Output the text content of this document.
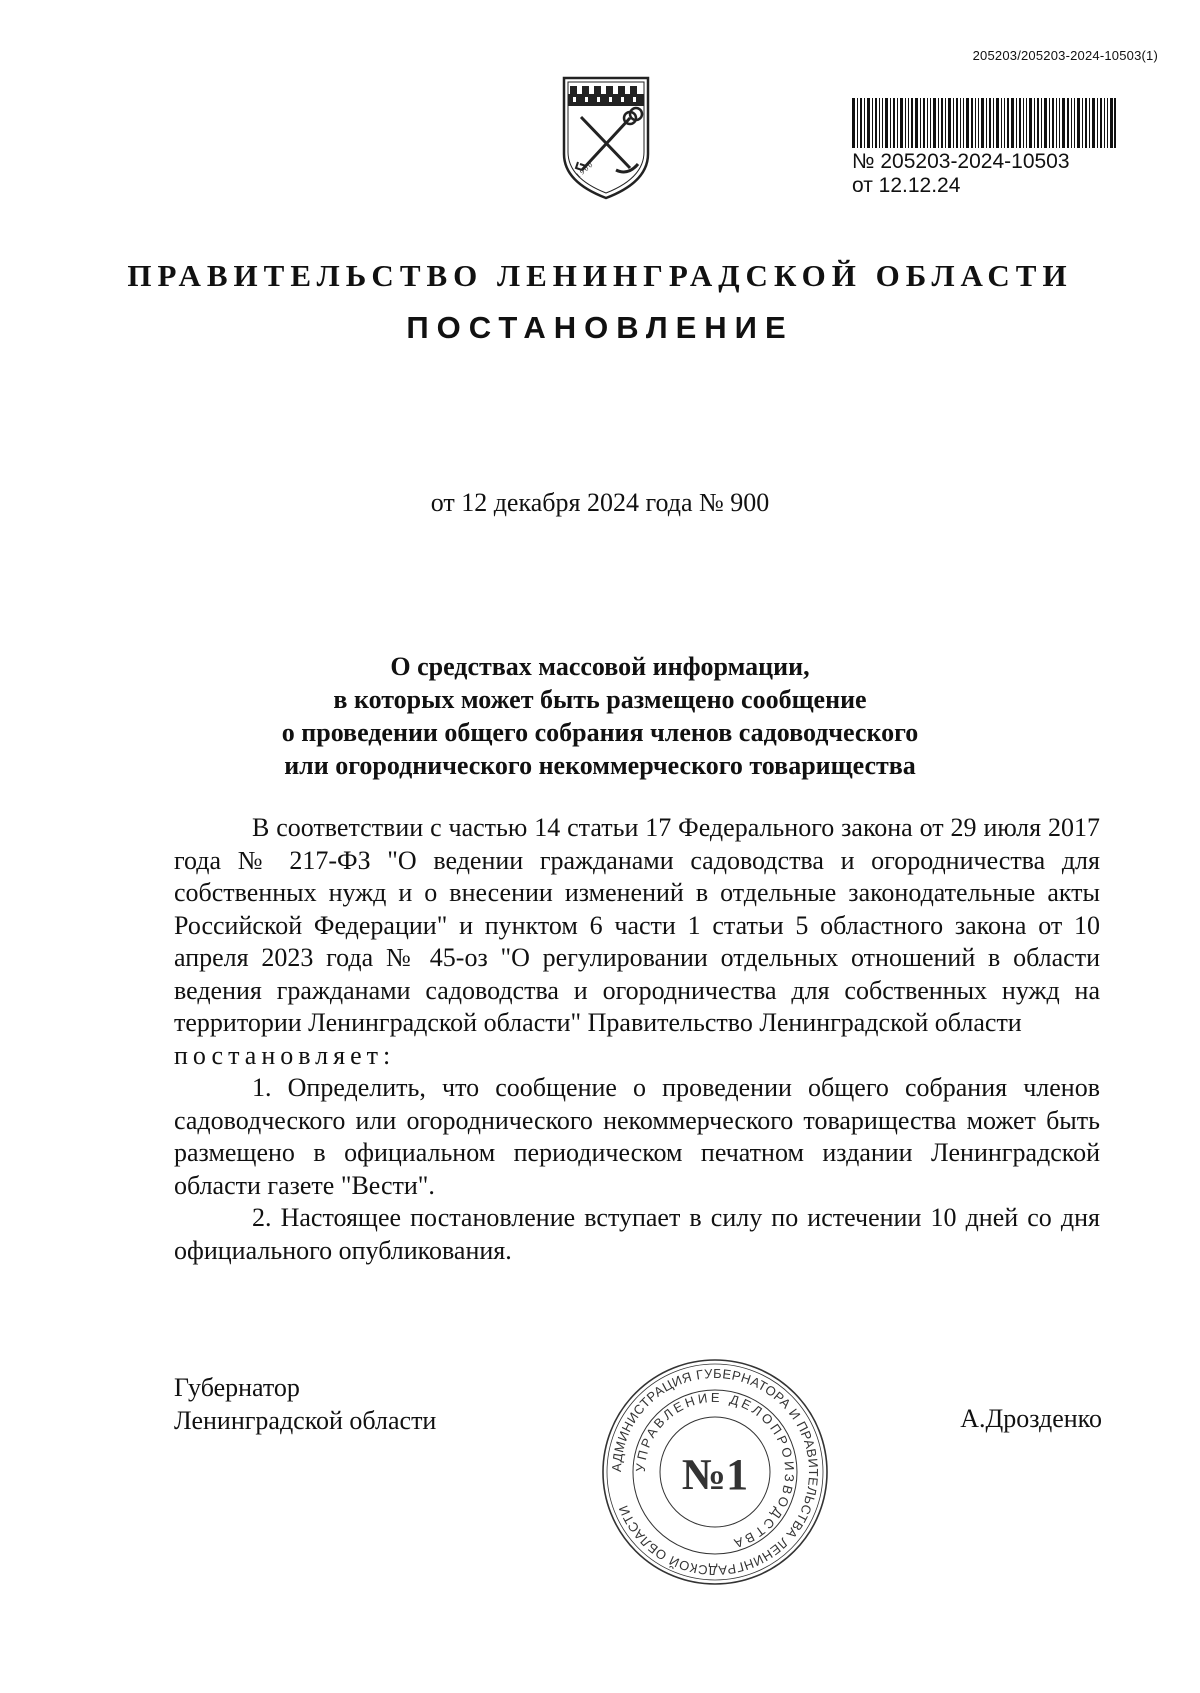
205203/205203-2024-10503(1)
1 9 0 0	№ 205203-2024-10503
от 12.12.24
ПРАВИТЕЛЬСТВО ЛЕНИНГРАДСКОЙ ОБЛАСТИ
ПОСТАНОВЛЕНИЕ
от 12 декабря 2024 года № 900
О средствах массовой информации,
в которых может быть размещено сообщение
о проведении общего собрания членов садоводческого
или огороднического некоммерческого товарищества

В соответствии с частью 14 статьи 17 Федерального закона от 29 июля 2017 года № 217-ФЗ "О ведении гражданами садоводства и огородничества для собственных нужд и о внесении изменений в отдельные законодательные акты Российской Федерации" и пунктом 6 части 1 статьи 5 областного закона от 10 апреля 2023 года № 45-оз "О регулировании отдельных отношений в области ведения гражданами садоводства и огородничества для собственных нужд на территории Ленинградской области" Правительство Ленинградской области

постановляет:

1. Определить, что сообщение о проведении общего собрания членов садоводческого или огороднического некоммерческого товарищества может быть размещено в официальном периодическом печатном издании Ленинградской области газете "Вести".

2. Настоящее постановление вступает в силу по истечении 10 дней со дня официального опубликования.

Губернатор
Ленинградской области	А.Дрозденко
АДМИНИСТРАЦИЯ ГУБЕРНАТОРА И ПРАВИТЕЛЬСТВА ЛЕНИНГРАДСКОЙ ОБЛАСТИ
УПРАВЛЕНИЕ ДЕЛОПРОИЗВОДСТВА
№1
